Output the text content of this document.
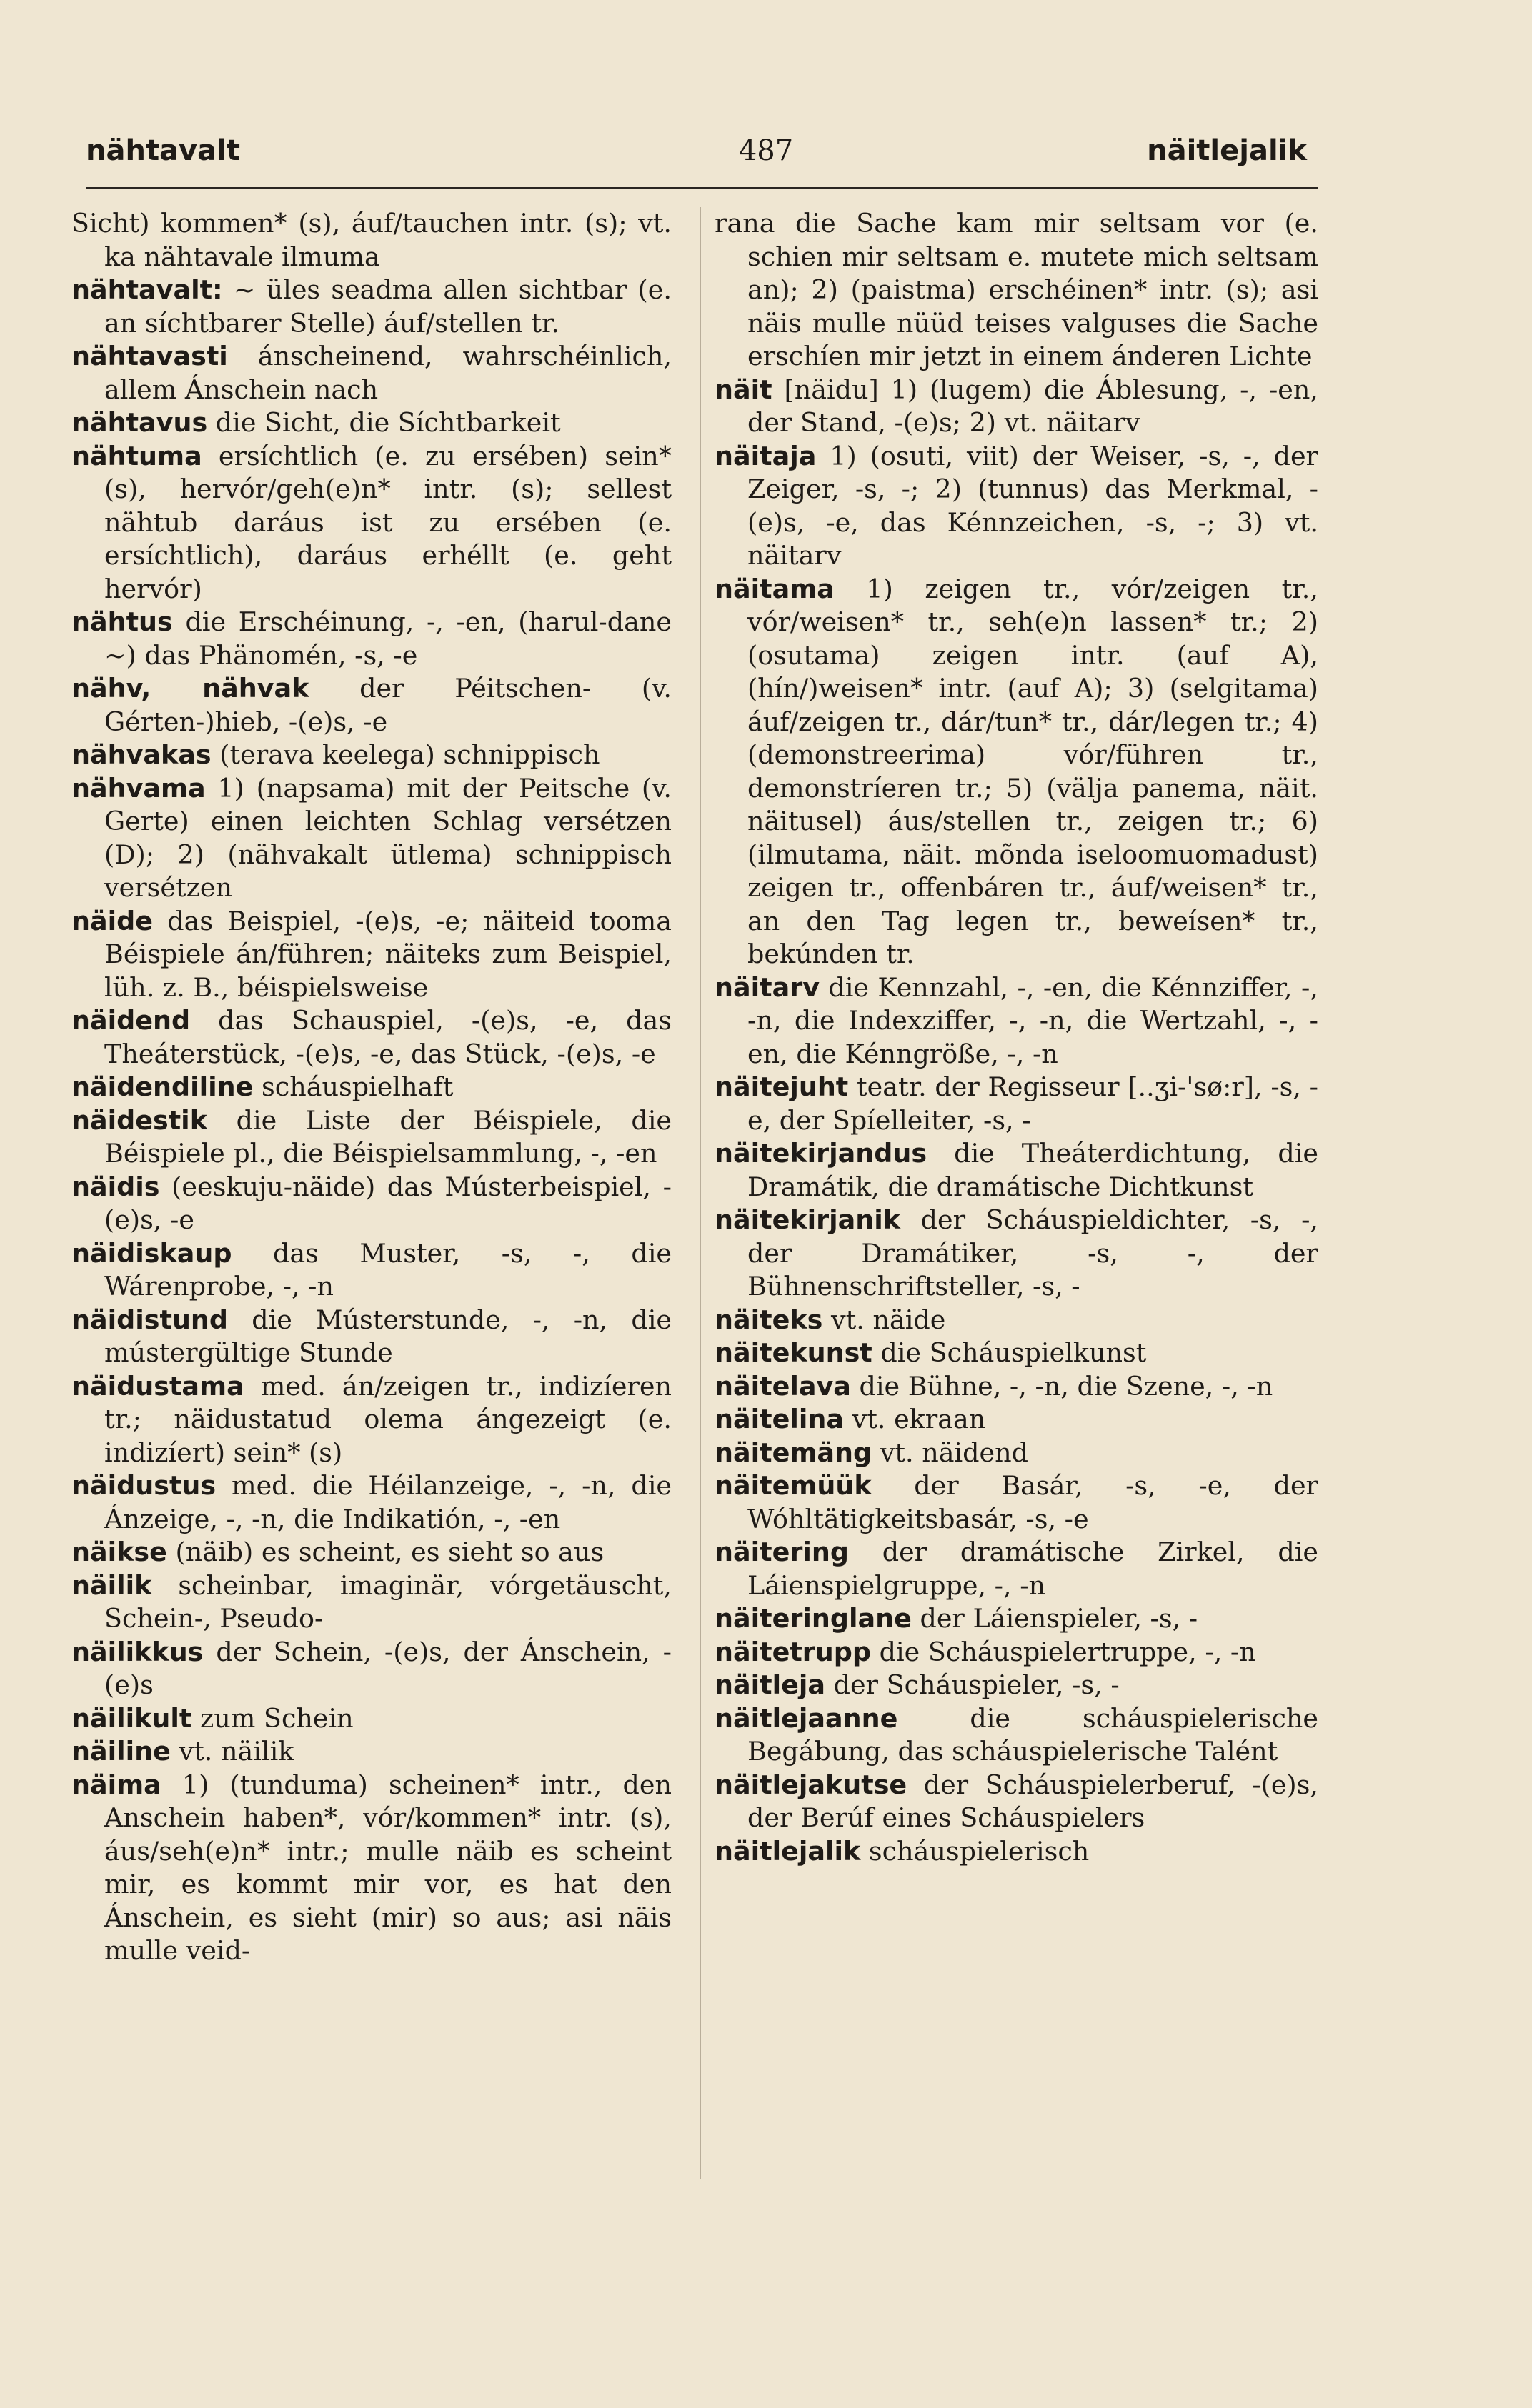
nähtavalt	487	näitlejalik
Sicht) kommen* (s), áuf/tauchen intr. (s); vt. ka nähtavale ilmuma
nähtavalt: ~ üles seadma allen sichtbar (e. an síchtbarer Stelle) áuf/stellen tr.
nähtavasti ánscheinend, wahrschéinlich, allem Ánschein nach
nähtavus die Sicht, die Síchtbarkeit
nähtuma ersíchtlich (e. zu ersében) sein* (s), hervór/geh(e)n* intr. (s); sellest nähtub daráus ist zu ersében (e. ersíchtlich), daráus erhéllt (e. geht hervór)
nähtus die Erschéinung, -, -en, (harul-dane ~) das Phänomén, -s, -e
nähv, nähvak der Péitschen- (v. Gérten-)hieb, -(e)s, -e
nähvakas (terava keelega) schnippisch
nähvama 1) (napsama) mit der Peitsche (v. Gerte) einen leichten Schlag versétzen (D); 2) (nähvakalt ütlema) schnippisch versétzen
näide das Beispiel, -(e)s, -e; näiteid tooma Béispiele án/führen; näiteks zum Beispiel, lüh. z. B., béispielsweise
näidend das Schauspiel, -(e)s, -e, das Theáterstück, -(e)s, -e, das Stück, -(e)s, -e
näidendiline scháuspielhaft
näidestik die Liste der Béispiele, die Béispiele pl., die Béispielsammlung, -, -en
näidis (eeskuju-näide) das Músterbeispiel, -(e)s, -e
näidiskaup das Muster, -s, -, die Wárenprobe, -, -n
näidistund die Músterstunde, -, -n, die mústergültige Stunde
näidustama med. án/zeigen tr., indizíeren tr.; näidustatud olema ángezeigt (e. indizíert) sein* (s)
näidustus med. die Héilanzeige, -, -n, die Ánzeige, -, -n, die Indikatión, -, -en
näikse (näib) es scheint, es sieht so aus
näilik scheinbar, imaginär, vórgetäuscht, Schein-, Pseudo-
näilikkus der Schein, -(e)s, der Ánschein, -(e)s
näilikult zum Schein
näiline vt. näilik
näima 1) (tunduma) scheinen* intr., den Anschein haben*, vór/kommen* intr. (s), áus/seh(e)n* intr.; mulle näib es scheint mir, es kommt mir vor, es hat den Ánschein, es sieht (mir) so aus; asi näis mulle veid-
rana die Sache kam mir seltsam vor (e. schien mir seltsam e. mutete mich seltsam an); 2) (paistma) erschéinen* intr. (s); asi näis mulle nüüd teises valguses die Sache erschíen mir jetzt in einem ánderen Lichte
näit [näidu] 1) (lugem) die Áblesung, -, -en, der Stand, -(e)s; 2) vt. näitarv
näitaja 1) (osuti, viit) der Weiser, -s, -, der Zeiger, -s, -; 2) (tunnus) das Merkmal, -(e)s, -e, das Kénnzeichen, -s, -; 3) vt. näitarv
näitama 1) zeigen tr., vór/zeigen tr., vór/weisen* tr., seh(e)n lassen* tr.; 2) (osutama) zeigen intr. (auf A), (hín/)weisen* intr. (auf A); 3) (selgitama) áuf/zeigen tr., dár/tun* tr., dár/legen tr.; 4) (demonstreerima) vór/führen tr., demonstríeren tr.; 5) (välja panema, näit. näitusel) áus/stellen tr., zeigen tr.; 6) (ilmutama, näit. mõnda iseloomuomadust) zeigen tr., offenbáren tr., áuf/weisen* tr., an den Tag legen tr., beweísen* tr., bekúnden tr.
näitarv die Kennzahl, -, -en, die Kénnziffer, -, -n, die Indexziffer, -, -n, die Wertzahl, -, -en, die Kénngröße, -, -n
näitejuht teatr. der Regisseur [..ʒi-'sø:r], -s, -e, der Spíelleiter, -s, -
näitekirjandus die Theáterdichtung, die Dramátik, die dramátische Dichtkunst
näitekirjanik der Scháuspieldichter, -s, -, der Dramátiker, -s, -, der Bühnenschriftsteller, -s, -
näiteks vt. näide
näitekunst die Scháuspielkunst
näitelava die Bühne, -, -n, die Szene, -, -n
näitelina vt. ekraan
näitemäng vt. näidend
näitemüük der Basár, -s, -e, der Wóhltätigkeitsbasár, -s, -e
näitering der dramátische Zirkel, die Láienspielgruppe, -, -n
näiteringlane der Láienspieler, -s, -
näitetrupp die Scháuspielertruppe, -, -n
näitleja der Scháuspieler, -s, -
näitlejaanne	die scháuspielerische Begábung, das scháuspielerische Talént
näitlejakutse der Scháuspielerberuf, -(e)s, der Berúf eines Scháuspielers
näitlejalik scháuspielerisch
